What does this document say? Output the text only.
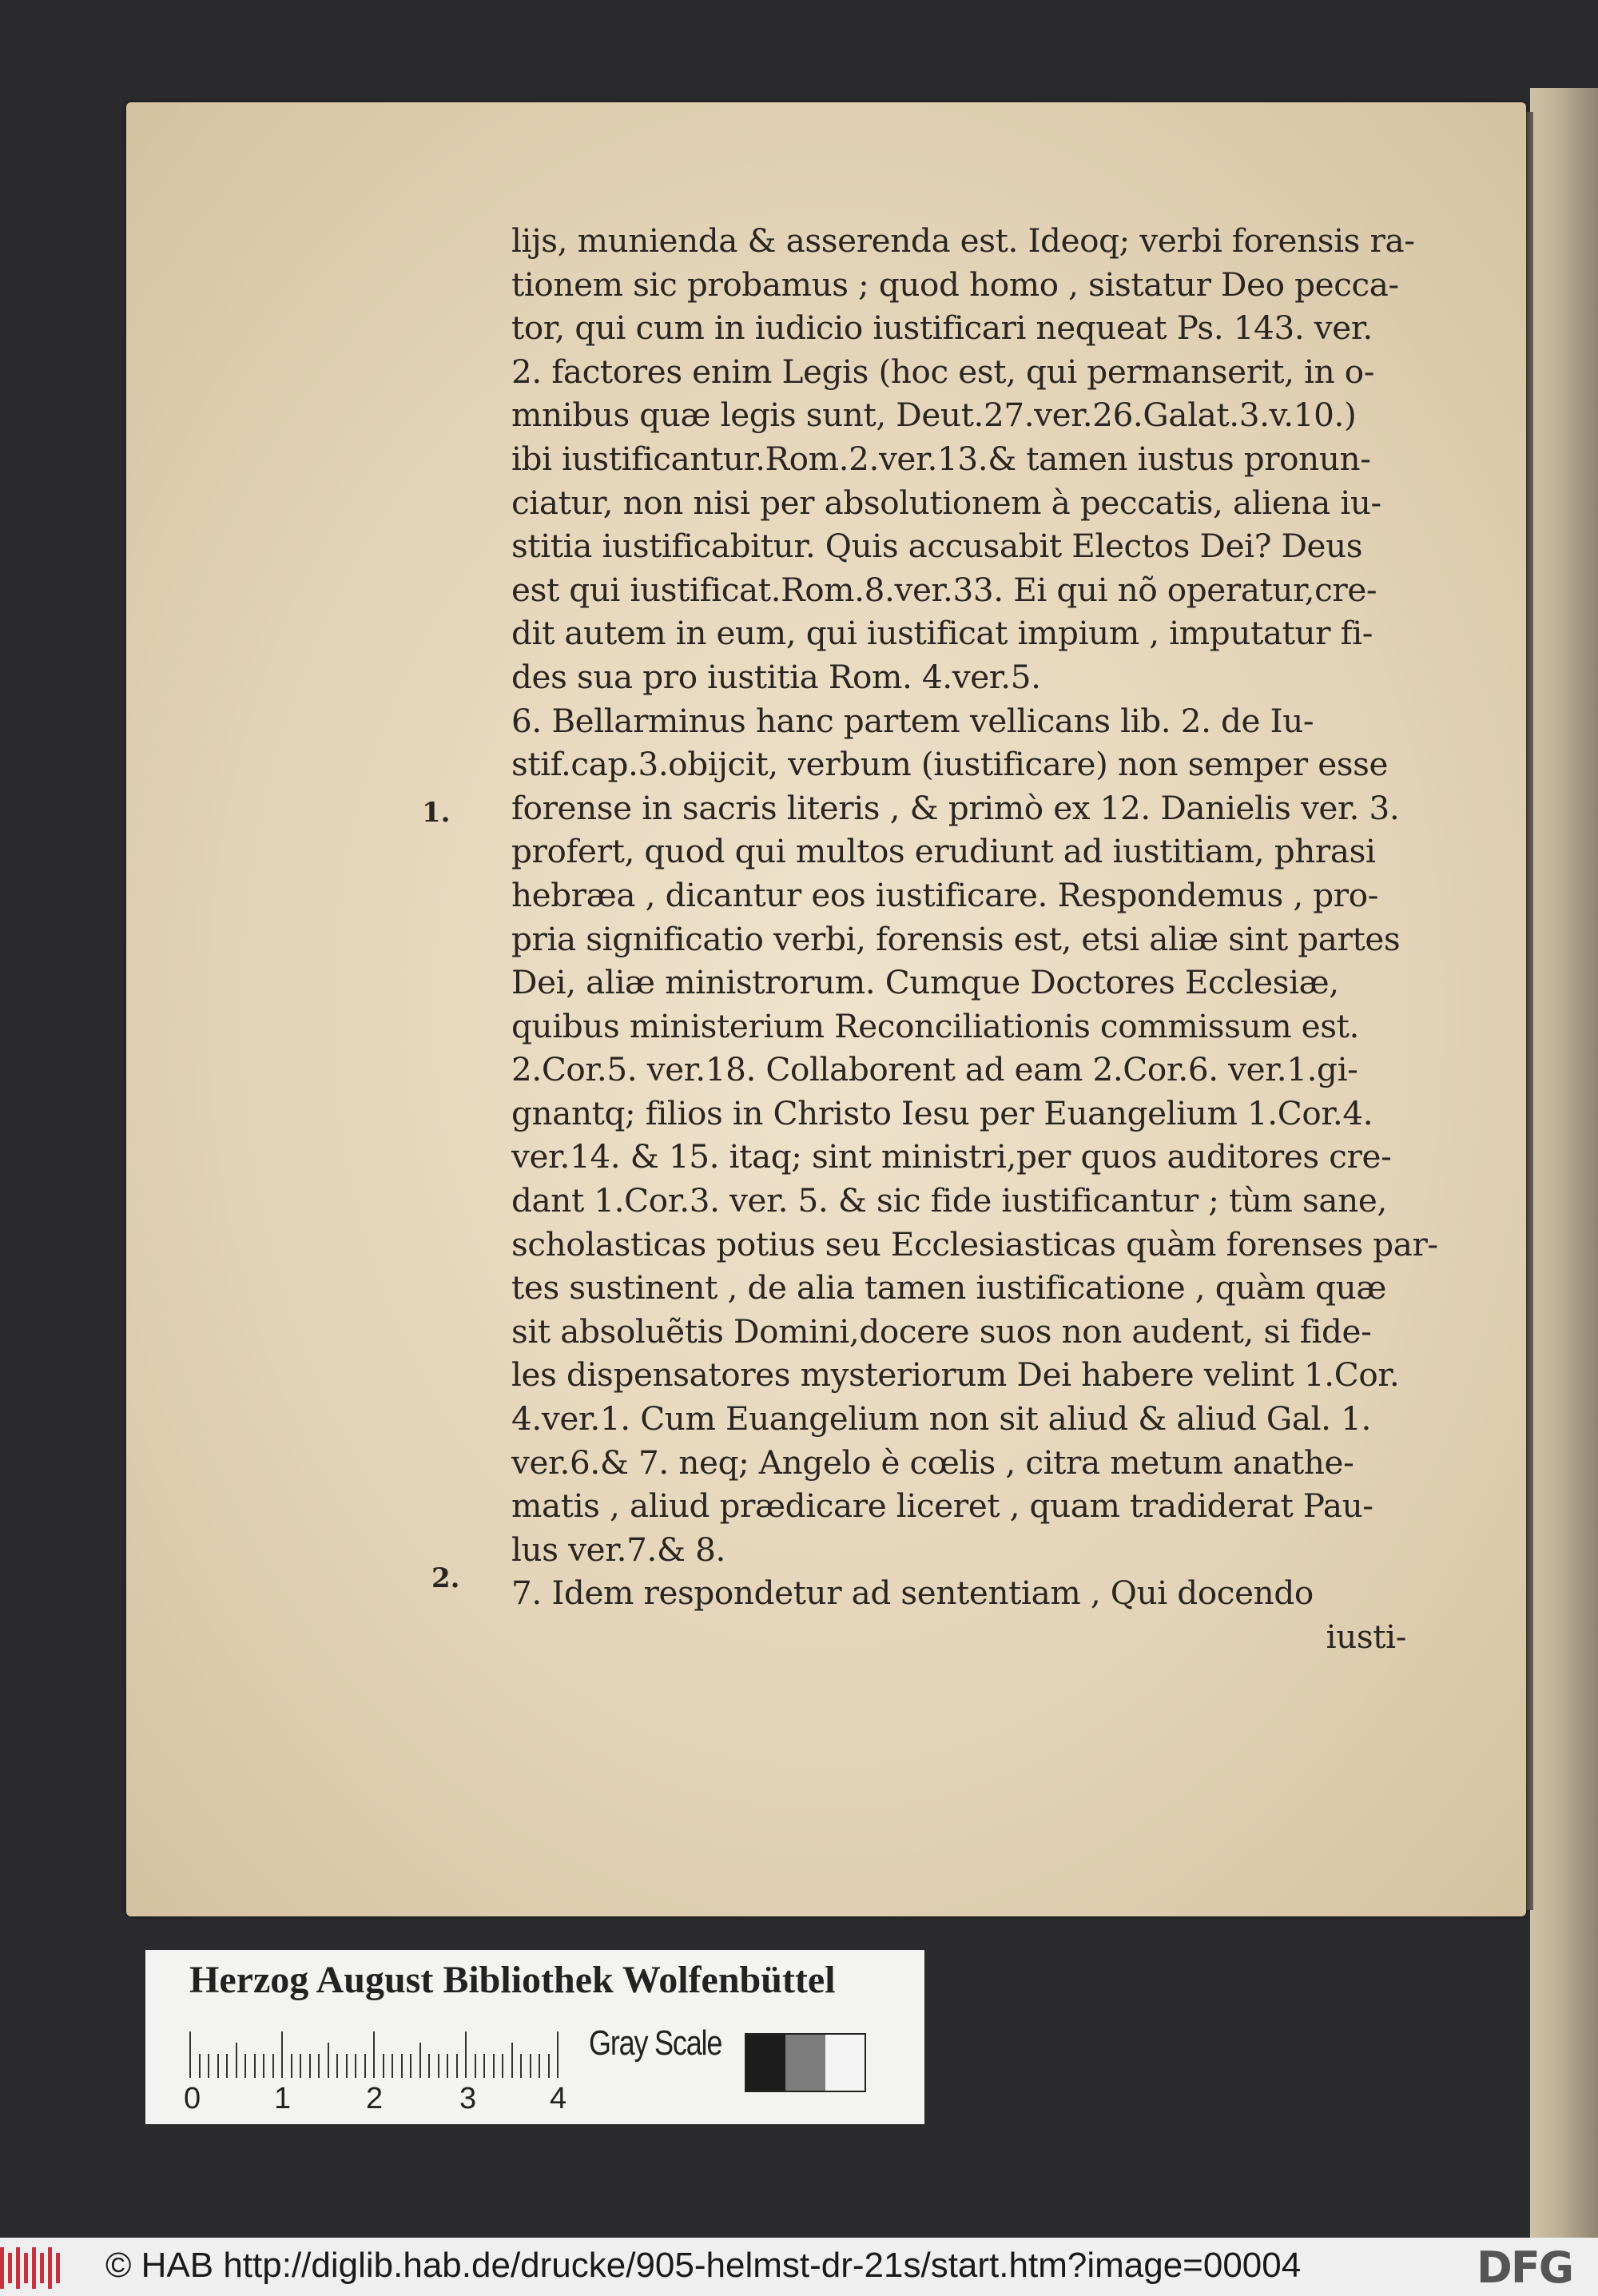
lijs, munienda & asserenda est. Ideoq; verbi forensis ra-
tionem sic probamus ; quod homo , sistatur Deo pecca-
tor, qui cum in iudicio iustificari nequeat Ps. 143. ver.
2. factores enim Legis (hoc est, qui permanserit, in o-
mnibus quæ legis sunt, Deut.27.ver.26.Galat.3.v.10.)
ibi iustificantur.Rom.2.ver.13.& tamen iustus pronun-
ciatur, non nisi per absolutionem à peccatis, aliena iu-
stitia iustificabitur. Quis accusabit Electos Dei? Deus
est qui iustificat.Rom.8.ver.33. Ei qui nõ operatur,cre-
dit autem in eum, qui iustificat impium , imputatur fi-
des sua pro iustitia Rom. 4.ver.5.
6. Bellarminus hanc partem vellicans lib. 2. de Iu-
stif.cap.3.obijcit, verbum (iustificare) non semper esse
forense in sacris literis , & primò ex 12. Danielis ver. 3.
profert, quod qui multos erudiunt ad iustitiam, phrasi
hebræa , dicantur eos iustificare. Respondemus , pro-
pria significatio verbi, forensis est, etsi aliæ sint partes
Dei, aliæ ministrorum. Cumque Doctores Ecclesiæ,
quibus ministerium Reconciliationis commissum est.
2.Cor.5. ver.18. Collaborent ad eam 2.Cor.6. ver.1.gi-
gnantq; filios in Christo Iesu per Euangelium 1.Cor.4.
ver.14. & 15. itaq; sint ministri,per quos auditores cre-
dant 1.Cor.3. ver. 5. & sic fide iustificantur ; tùm sane,
scholasticas potius seu Ecclesiasticas quàm forenses par-
tes sustinent , de alia tamen iustificatione , quàm quæ
sit absoluẽtis Domini,docere suos non audent, si fide-
les dispensatores mysteriorum Dei habere velint 1.Cor.
4.ver.1. Cum Euangelium non sit aliud & aliud Gal. 1.
ver.6.& 7. neq; Angelo è cœlis , citra metum anathe-
matis , aliud prædicare liceret , quam tradiderat Pau-
lus ver.7.& 8.
7. Idem respondetur ad sententiam , Qui docendo
iusti-
1.
2.
Herzog August Bibliothek Wolfenbüttel
0 1 2	3 4
Gray Scale
© HAB http://diglib.hab.de/drucke/905-helmst-dr-21s/start.htm?image=00004	DFG
